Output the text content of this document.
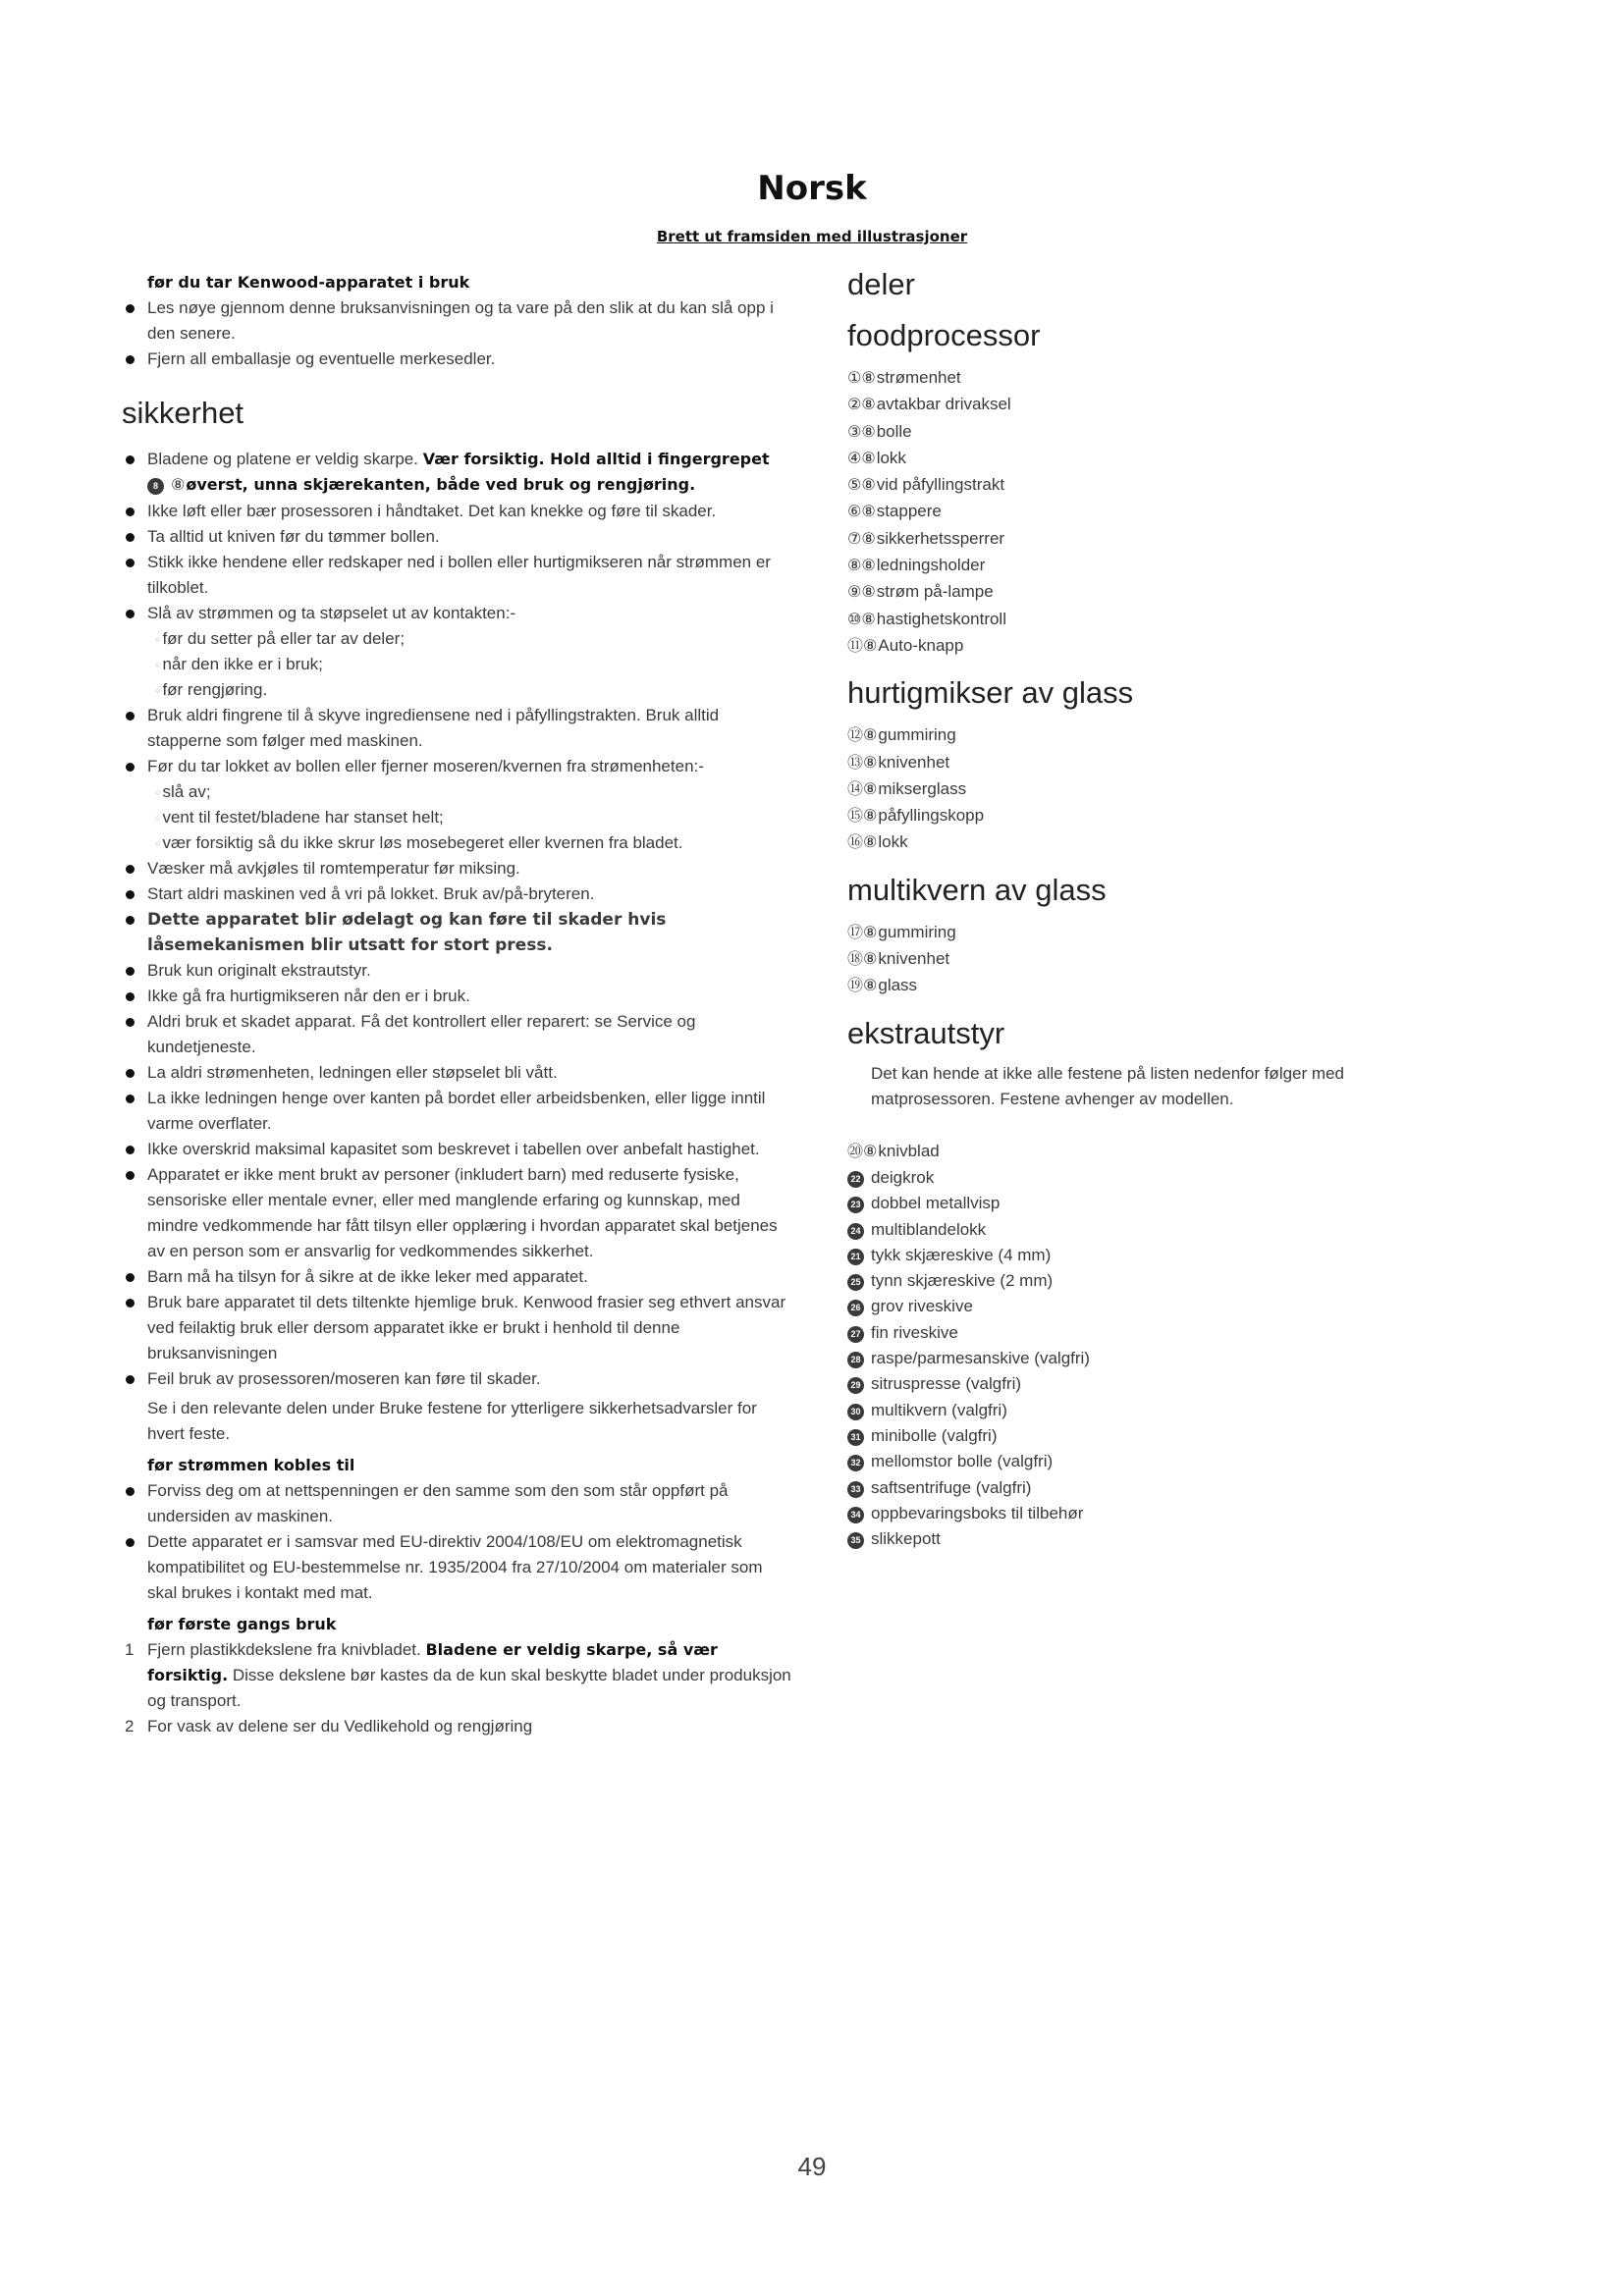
Norsk
Brett ut framsiden med illustrasjoner
før du tar Kenwood-apparatet i bruk
Les nøye gjennom denne bruksanvisningen og ta vare på den slik at du kan slå opp i den senere.
Fjern all emballasje og eventuelle merkesedler.
sikkerhet
Bladene og platene er veldig skarpe. Vær forsiktig. Hold alltid i fingergrepet 8 ⑧øverst, unna skjærekanten, både ved bruk og rengjøring.
Ikke løft eller bær prosessoren i håndtaket. Det kan knekke og føre til skader.
Ta alltid ut kniven før du tømmer bollen.
Stikk ikke hendene eller redskaper ned i bollen eller hurtigmikseren når strømmen er tilkoblet.
Slå av strømmen og ta støpselet ut av kontakten:-
○ før du setter på eller tar av deler;
○ når den ikke er i bruk;
○ før rengjøring.
Bruk aldri fingrene til å skyve ingrediensene ned i påfyllingstrakten. Bruk alltid stapperne som følger med maskinen.
Før du tar lokket av bollen eller fjerner moseren/kvernen fra strømenheten:-
○ slå av;
○ vent til festet/bladene har stanset helt;
○ vær forsiktig så du ikke skrur løs mosebegeret eller kvernen fra bladet.
Væsker må avkjøles til romtemperatur før miksing.
Start aldri maskinen ved å vri på lokket. Bruk av/på-bryteren.
Dette apparatet blir ødelagt og kan føre til skader hvis låsemekanismen blir utsatt for stort press.
Bruk kun originalt ekstrautstyr.
Ikke gå fra hurtigmikseren når den er i bruk.
Aldri bruk et skadet apparat. Få det kontrollert eller reparert: se Service og kundetjeneste.
La aldri strømenheten, ledningen eller støpselet bli vått.
La ikke ledningen henge over kanten på bordet eller arbeidsbenken, eller ligge inntil varme overflater.
Ikke overskrid maksimal kapasitet som beskrevet i tabellen over anbefalt hastighet.
Apparatet er ikke ment brukt av personer (inkludert barn) med reduserte fysiske, sensoriske eller mentale evner, eller med manglende erfaring og kunnskap, med mindre vedkommende har fått tilsyn eller opplæring i hvordan apparatet skal betjenes av en person som er ansvarlig for vedkommendes sikkerhet.
Barn må ha tilsyn for å sikre at de ikke leker med apparatet.
Bruk bare apparatet til dets tiltenkte hjemlige bruk. Kenwood frasier seg ethvert ansvar ved feilaktig bruk eller dersom apparatet ikke er brukt i henhold til denne bruksanvisningen
Feil bruk av prosessoren/moseren kan føre til skader.
Se i den relevante delen under Bruke festene for ytterligere sikkerhetsadvarsler for hvert feste.
før strømmen kobles til
Forviss deg om at nettspenningen er den samme som den som står oppført på undersiden av maskinen.
Dette apparatet er i samsvar med EU-direktiv 2004/108/EU om elektromagnetisk kompatibilitet og EU-bestemmelse nr. 1935/2004 fra 27/10/2004 om materialer som skal brukes i kontakt med mat.
før første gangs bruk
1 Fjern plastikkdekslene fra knivbladet. Bladene er veldig skarpe, så vær forsiktig. Disse dekslene bør kastes da de kun skal beskytte bladet under produksjon og transport.
2 For vask av delene ser du Vedlikehold og rengjøring
deler
foodprocessor
①⑧strømenhet
②⑧avtakbar drivaksel
③⑧bolle
④⑧lokk
⑤⑧vid påfyllingstrakt
⑥⑧stappere
⑦⑧sikkerhetssperrer
⑧⑧ledningsholder
⑨⑧strøm på-lampe
⑩⑧hastighetskontroll
⑪⑧Auto-knapp
hurtigmikser av glass
⑫⑧gummiring
⑬⑧knivenhet
⑭⑧mikserglass
⑮⑧påfyllingskopp
⑯⑧lokk
multikvern av glass
⑰⑧gummiring
⑱⑧knivenhet
⑲⑧glass
ekstrautstyr
Det kan hende at ikke alle festene på listen nedenfor følger med matprosessoren. Festene avhenger av modellen.
⑳⑧knivblad
22 deigkrok
23 dobbel metallvisp
24 multiblandelokk
21 tykk skjæreskive (4 mm)
25 tynn skjæreskive (2 mm)
26 grov riveskive
27 fin riveskive
28 raspe/parmesanskive (valgfri)
29 sitruspresse (valgfri)
30 multikvern (valgfri)
31 minibolle (valgfri)
32 mellomstor bolle (valgfri)
33 saftsentrifuge (valgfri)
34 oppbevaringsboks til tilbehør
35 slikkepott
49
